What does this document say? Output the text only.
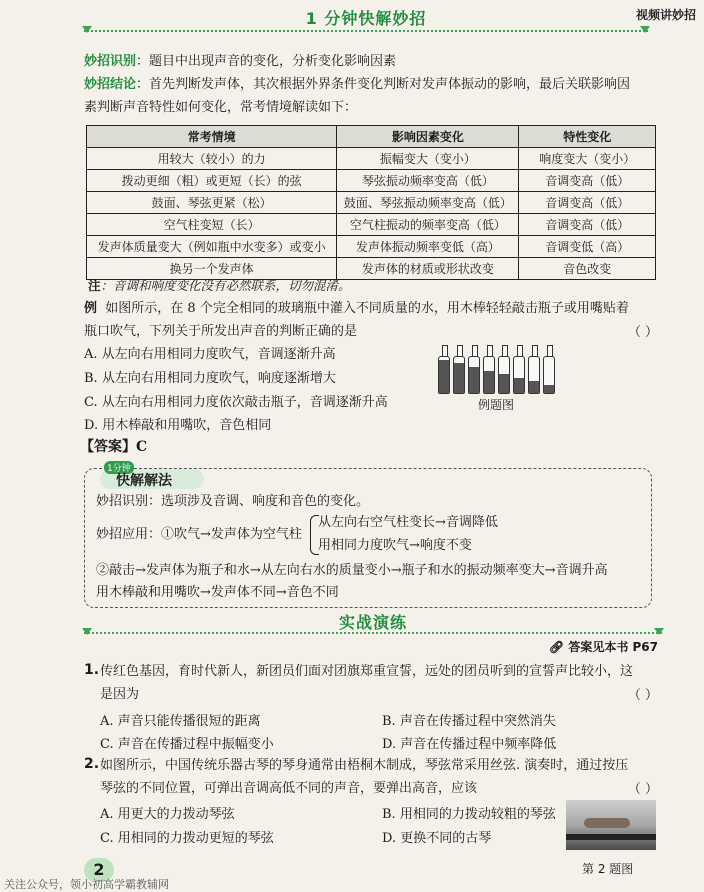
1 分钟快解妙招	视频讲妙招
妙招识别：题目中出现声音的变化，分析变化影响因素
妙招结论：首先判断发声体，其次根据外界条件变化判断对发声体振动的影响，最后关联影响因
素判断声音特性如何变化，常考情境解读如下：
常考情境	影响因素变化	特性变化
用较大（较小）的力	振幅变大（变小）	响度变大（变小）
拨动更细（粗）或更短（长）的弦	琴弦振动频率变高（低）	音调变高（低）
鼓面、琴弦更紧（松）	鼓面、琴弦振动频率变高（低）	音调变高（低）
空气柱变短（长）	空气柱振动的频率变高（低）	音调变高（低）
发声体质量变大（例如瓶中水变多）或变小	发声体振动频率变低（高）	音调变低（高）
换另一个发声体	发声体的材质或形状改变	音色改变
注：音调和响度变化没有必然联系，切勿混淆。
例 如图所示，在 8 个完全相同的玻璃瓶中灌入不同质量的水，用木棒轻轻敲击瓶子或用嘴贴着
瓶口吹气，下列关于所发出声音的判断正确的是	（ ）
A. 从左向右用相同力度吹气，音调逐渐升高
B. 从左向右用相同力度吹气，响度逐渐增大
C. 从左向右用相同力度依次敲击瓶子，音调逐渐升高
D. 用木棒敲和用嘴吹，音色相同
例题图
【答案】C
1分钟
快解解法
妙招识别：选项涉及音调、响度和音色的变化。
妙招应用：①吹气→发声体为空气柱
从左向右空气柱变长→音调降低
用相同力度吹气→响度不变
②敲击→发声体为瓶子和水→从左向右水的质量变小→瓶子和水的振动频率变大→音调升高
用木棒敲和用嘴吹→发声体不同→音色不同
实战演练
🔗︎ 答案见本书 P67
1. 传红色基因，育时代新人，新团员们面对团旗郑重宣誓，远处的团员听到的宣誓声比较小，这
是因为	（ ）
A. 声音只能传播很短的距离	B. 声音在传播过程中突然消失
C. 声音在传播过程中振幅变小	D. 声音在传播过程中频率降低
2. 如图所示，中国传统乐器古琴的琴身通常由梧桐木制成，琴弦常采用丝弦. 演奏时，通过按压
琴弦的不同位置，可弹出音调高低不同的声音，要弹出高音，应该	（ ）
A. 用更大的力拨动琴弦	B. 用相同的力拨动较粗的琴弦
C. 用相同的力拨动更短的琴弦	D. 更换不同的古琴
第 2 题图
2
关注公众号，领小初高学霸教辅网
